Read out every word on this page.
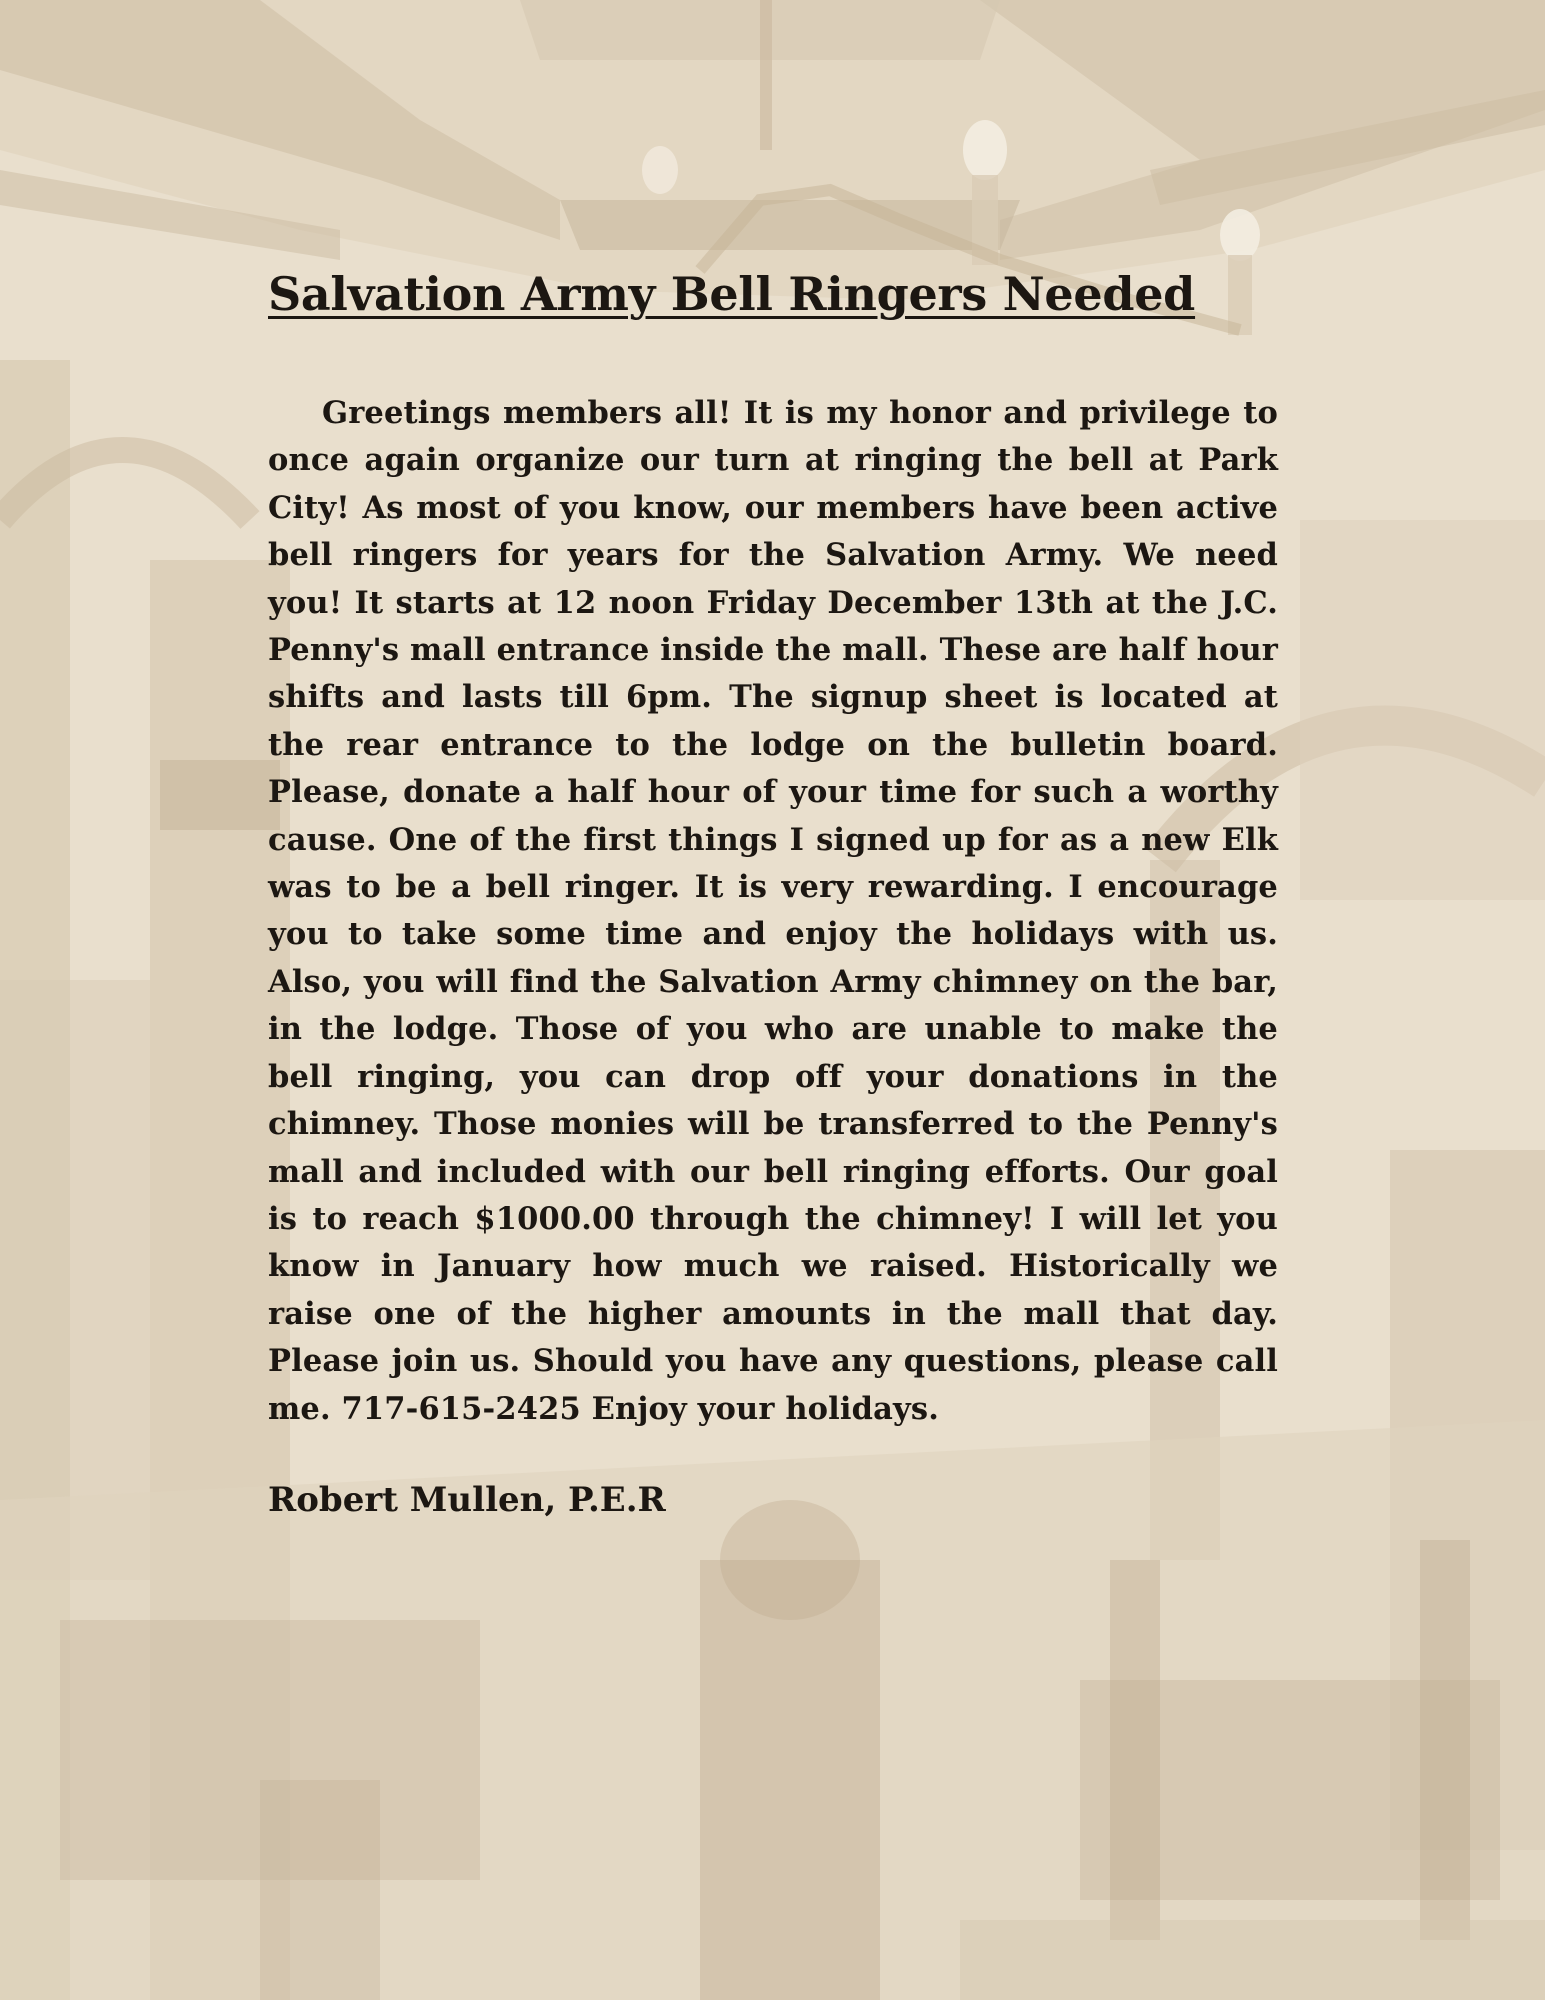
Salvation Army Bell Ringers Needed

Greetings members all! It is my honor and privilege to once again organize our turn at ringing the bell at Park City! As most of you know, our members have been active bell ringers for years for the Salvation Army. We need you! It starts at 12 noon Friday December 13th at the J.C. Penny's mall entrance inside the mall. These are half hour shifts and lasts till 6pm. The signup sheet is located at the rear entrance to the lodge on the bulletin board. Please, donate a half hour of your time for such a worthy cause. One of the first things I signed up for as a new Elk was to be a bell ringer. It is very rewarding. I encourage you to take some time and enjoy the holidays with us. Also, you will find the Salvation Army chimney on the bar, in the lodge. Those of you who are unable to make the bell ringing, you can drop off your donations in the chimney. Those monies will be transferred to the Penny's mall and included with our bell ringing efforts. Our goal is to reach $1000.00 through the chimney! I will let you know in January how much we raised. Historically we raise one of the higher amounts in the mall that day. Please join us. Should you have any questions, please call me. 717-615-2425 Enjoy your holidays.

Robert Mullen, P.E.R
